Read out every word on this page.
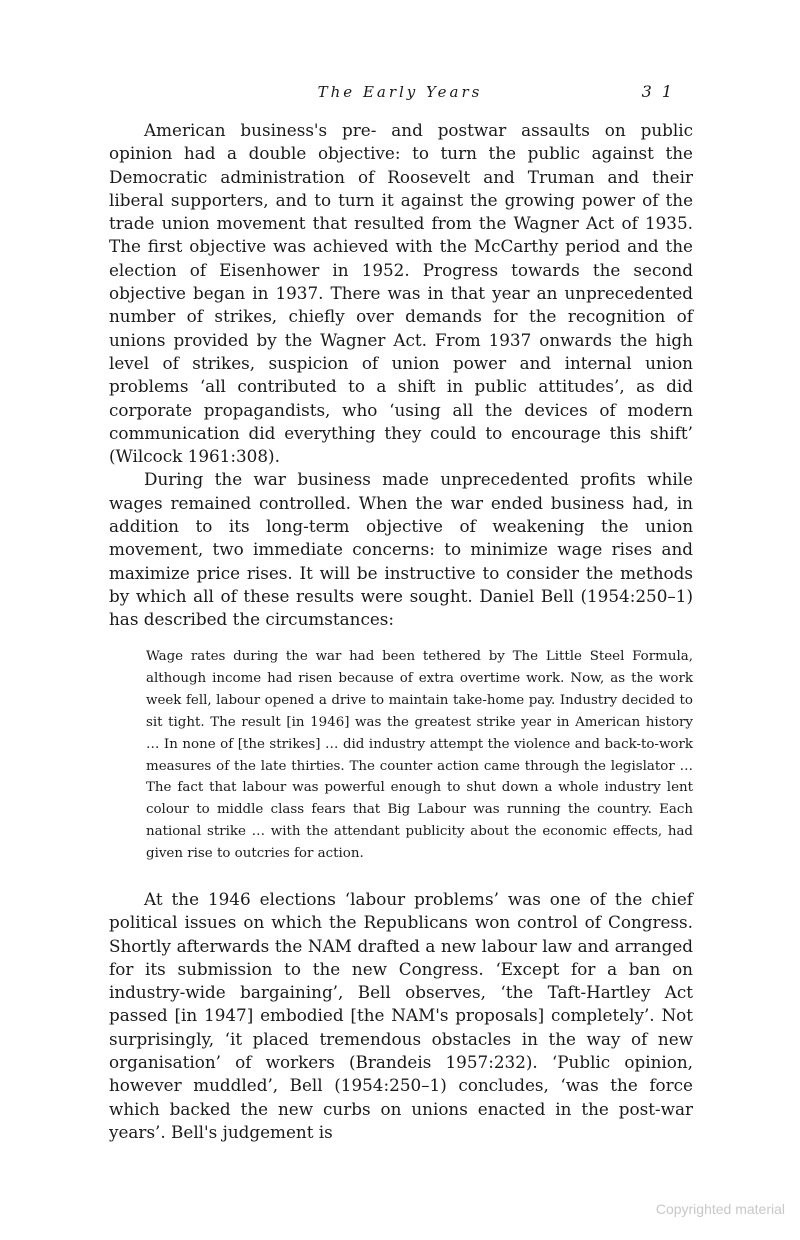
The Early Years	31

American business's pre- and postwar assaults on public opinion had a double objective: to turn the public against the Democratic administration of Roosevelt and Truman and their liberal supporters, and to turn it against the growing power of the trade union movement that resulted from the Wagner Act of 1935. The first objective was achieved with the McCarthy period and the election of Eisenhower in 1952. Progress towards the second objective began in 1937. There was in that year an unprecedented number of strikes, chiefly over demands for the recognition of unions provided by the Wagner Act. From 1937 onwards the high level of strikes, suspicion of union power and internal union problems ‘all contributed to a shift in public attitudes’, as did corporate propagandists, who ‘using all the devices of modern communication did everything they could to encourage this shift’ (Wilcock 1961:308).

During the war business made unprecedented profits while wages remained controlled. When the war ended business had, in addition to its long-term objective of weakening the union movement, two immediate concerns: to minimize wage rises and maximize price rises. It will be instructive to consider the methods by which all of these results were sought. Daniel Bell (1954:250–1) has described the circumstances:

Wage rates during the war had been tethered by The Little Steel Formula, although income had risen because of extra overtime work. Now, as the work week fell, labour opened a drive to maintain take-home pay. Industry decided to sit tight. The result [in 1946] was the greatest strike year in American history … In none of [the strikes] … did industry attempt the violence and back-to-work measures of the late thirties. The counter action came through the legislator … The fact that labour was powerful enough to shut down a whole industry lent colour to middle class fears that Big Labour was running the country. Each national strike … with the attendant publicity about the economic effects, had given rise to outcries for action.

At the 1946 elections ‘labour problems’ was one of the chief political issues on which the Republicans won control of Congress. Shortly afterwards the NAM drafted a new labour law and arranged for its submission to the new Congress. ‘Except for a ban on industry-wide bargaining’, Bell observes, ‘the Taft-Hartley Act passed [in 1947] embodied [the NAM's proposals] completely’. Not surprisingly, ‘it placed tremendous obstacles in the way of new organisation’ of workers (Brandeis 1957:232). ‘Public opinion, however muddled’, Bell (1954:250–1) concludes, ‘was the force which backed the new curbs on unions enacted in the post-war years’. Bell's judgement is

Copyrighted material
